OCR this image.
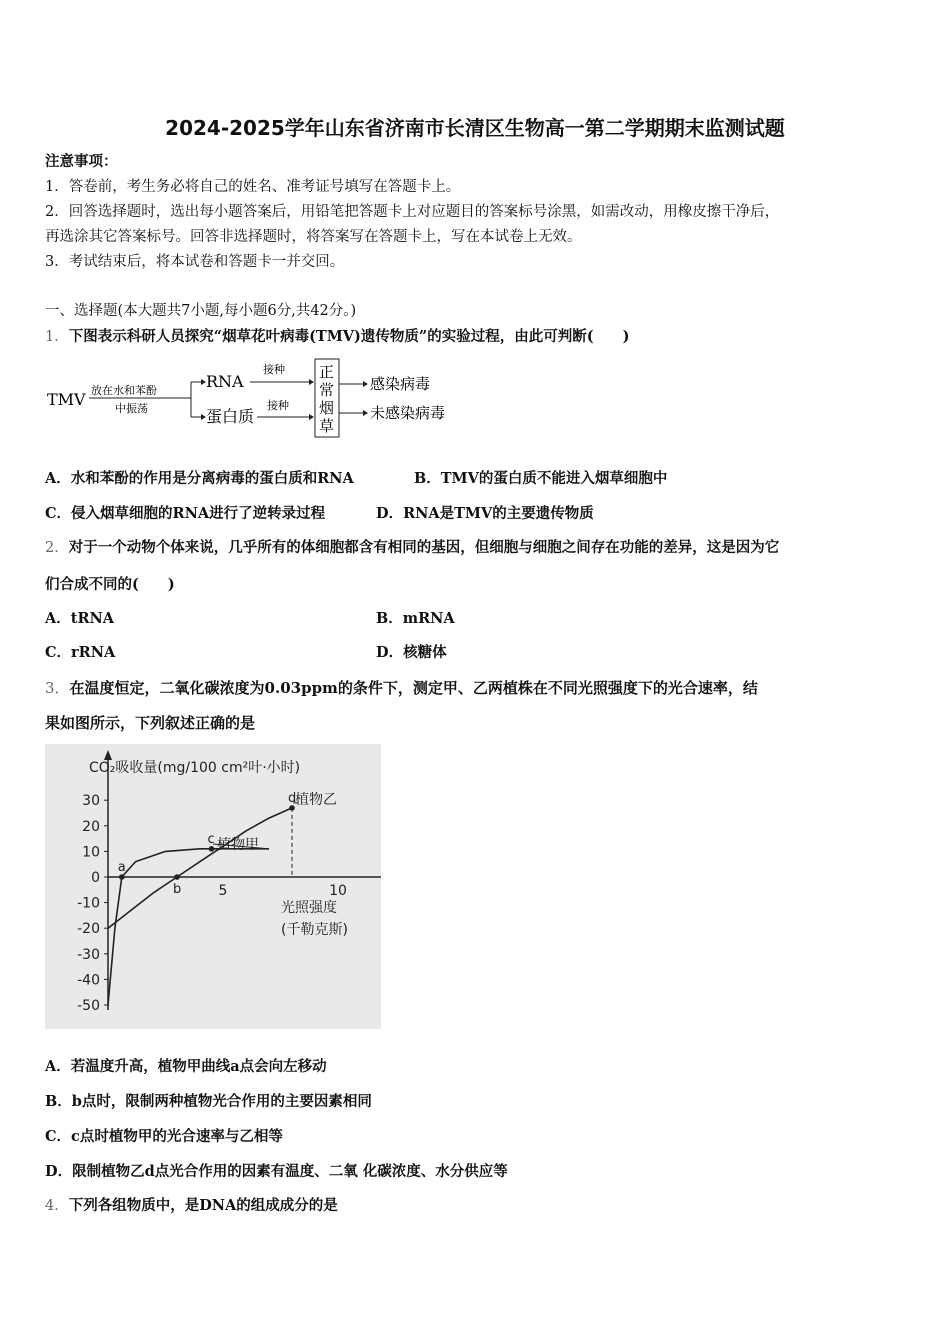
2024-2025学年山东省济南市长清区生物高一第二学期期末监测试题
注意事项：
1．答卷前，考生务必将自己的姓名、准考证号填写在答题卡上。
2．回答选择题时，选出每小题答案后，用铅笔把答题卡上对应题目的答案标号涂黑，如需改动，用橡皮擦干净后，
再选涂其它答案标号。回答非选择题时，将答案写在答题卡上，写在本试卷上无效。
3．考试结束后，将本试卷和答题卡一并交回。
一、选择题(本大题共7小题,每小题6分,共42分。)
1．下图表示科研人员探究“烟草花叶病毒(TMV)遗传物质”的实验过程，由此可判断(　　)
TMV 放在水和苯酚
中振荡
RNA
蛋白质
接种
接种
正
常
烟
草
感染病毒
未感染病毒
A．水和苯酚的作用是分离病毒的蛋白质和RNA	B．TMV的蛋白质不能进入烟草细胞中
C．侵入烟草细胞的RNA进行了逆转录过程	D．RNA是TMV的主要遗传物质
2．对于一个动物个体来说，几乎所有的体细胞都含有相同的基因，但细胞与细胞之间存在功能的差异，这是因为它
们合成不同的(　　)
A．tRNA	B．mRNA
C．rRNA	D．核糖体
3．在温度恒定，二氧化碳浓度为0.03ppm的条件下，测定甲、乙两植株在不同光照强度下的光合速率，结
果如图所示，下列叙述正确的是
CO₂吸收量(mg/100 cm²叶·小时)
30
20
10
0
-10
-20
-30
-40
-50
5	10
a
b
c
d
光照强度
(千勒克斯)
植物乙
植物甲
A．若温度升高，植物甲曲线a点会向左移动
B．b点时，限制两种植物光合作用的主要因素相同
C．c点时植物甲的光合速率与乙相等
D．限制植物乙d点光合作用的因素有温度、二氧 化碳浓度、水分供应等
4．下列各组物质中，是DNA的组成成分的是
